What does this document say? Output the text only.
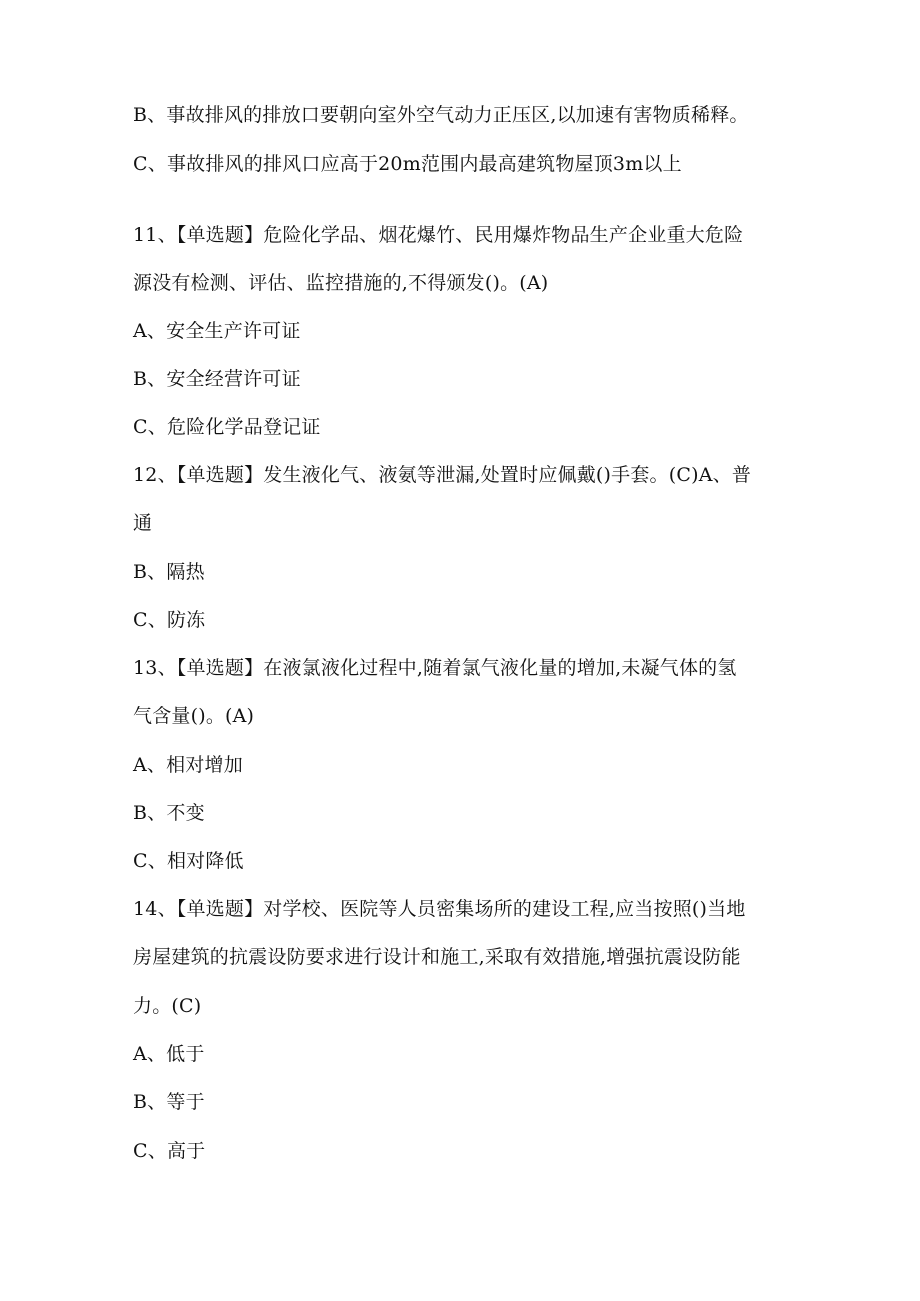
B、事故排风的排放口要朝向室外空气动力正压区,以加速有害物质稀释。
C、事故排风的排风口应高于20m范围内最高建筑物屋顶3m以上
11、【单选题】危险化学品、烟花爆竹、民用爆炸物品生产企业重大危险
源没有检测、评估、监控措施的,不得颁发()。(A)
A、安全生产许可证
B、安全经营许可证
C、危险化学品登记证
12、【单选题】发生液化气、液氨等泄漏,处置时应佩戴()手套。(C)A、普
通
B、隔热
C、防冻
13、【单选题】在液氯液化过程中,随着氯气液化量的增加,未凝气体的氢
气含量()。(A)
A、相对增加
B、不变
C、相对降低
14、【单选题】对学校、医院等人员密集场所的建设工程,应当按照()当地
房屋建筑的抗震设防要求进行设计和施工,采取有效措施,增强抗震设防能
力。(C)
A、低于
B、等于
C、高于
